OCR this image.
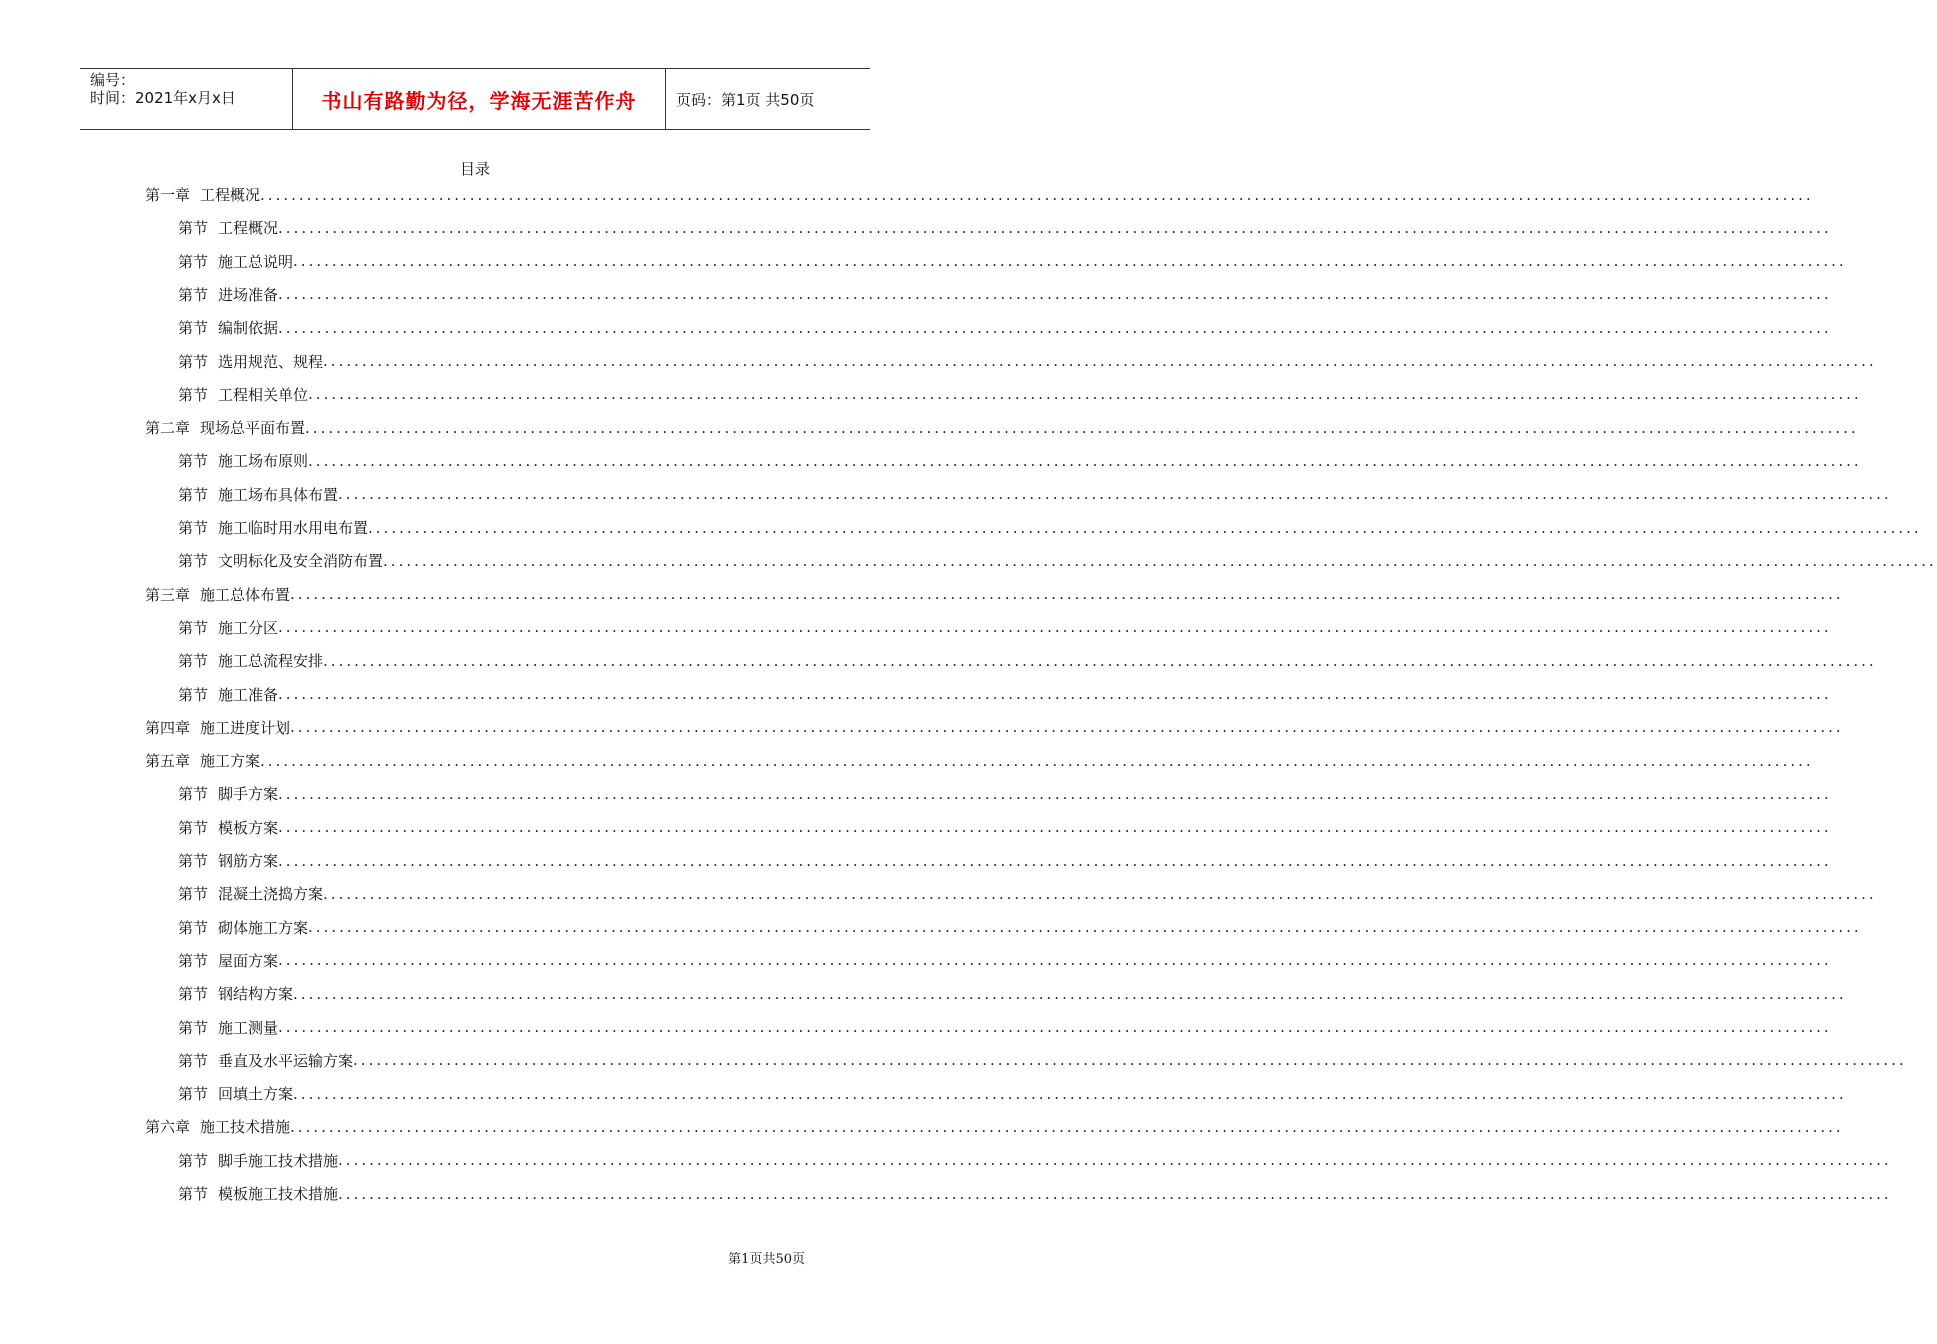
编号：
时间：2021年x月x日	书山有路勤为径，学海无涯苦作舟	页码：第1页 共50页
目录
第一章 工程概况 ........................................................................................................................................................................................................
第节 工程概况 ........................................................................................................................................................................................................
第节 施工总说明 ........................................................................................................................................................................................................
第节 进场准备 ........................................................................................................................................................................................................
第节 编制依据 ........................................................................................................................................................................................................
第节 选用规范、规程 ........................................................................................................................................................................................................
第节 工程相关单位 ........................................................................................................................................................................................................
第二章 现场总平面布置 ........................................................................................................................................................................................................
第节 施工场布原则 ........................................................................................................................................................................................................
第节 施工场布具体布置 ........................................................................................................................................................................................................
第节 施工临时用水用电布置 ........................................................................................................................................................................................................
第节 文明标化及安全消防布置 ........................................................................................................................................................................................................
第三章 施工总体布置 ........................................................................................................................................................................................................
第节 施工分区 ........................................................................................................................................................................................................
第节 施工总流程安排 ........................................................................................................................................................................................................
第节 施工准备 ........................................................................................................................................................................................................
第四章 施工进度计划 ........................................................................................................................................................................................................
第五章 施工方案 ........................................................................................................................................................................................................
第节 脚手方案 ........................................................................................................................................................................................................
第节 模板方案 ........................................................................................................................................................................................................
第节 钢筋方案 ........................................................................................................................................................................................................
第节 混凝土浇捣方案 ........................................................................................................................................................................................................
第节 砌体施工方案 ........................................................................................................................................................................................................
第节 屋面方案 ........................................................................................................................................................................................................
第节 钢结构方案 ........................................................................................................................................................................................................
第节 施工测量 ........................................................................................................................................................................................................
第节 垂直及水平运输方案 ........................................................................................................................................................................................................
第节 回填土方案 ........................................................................................................................................................................................................
第六章 施工技术措施 ........................................................................................................................................................................................................
第节 脚手施工技术措施 ........................................................................................................................................................................................................
第节 模板施工技术措施 ........................................................................................................................................................................................................
第1页共50页
